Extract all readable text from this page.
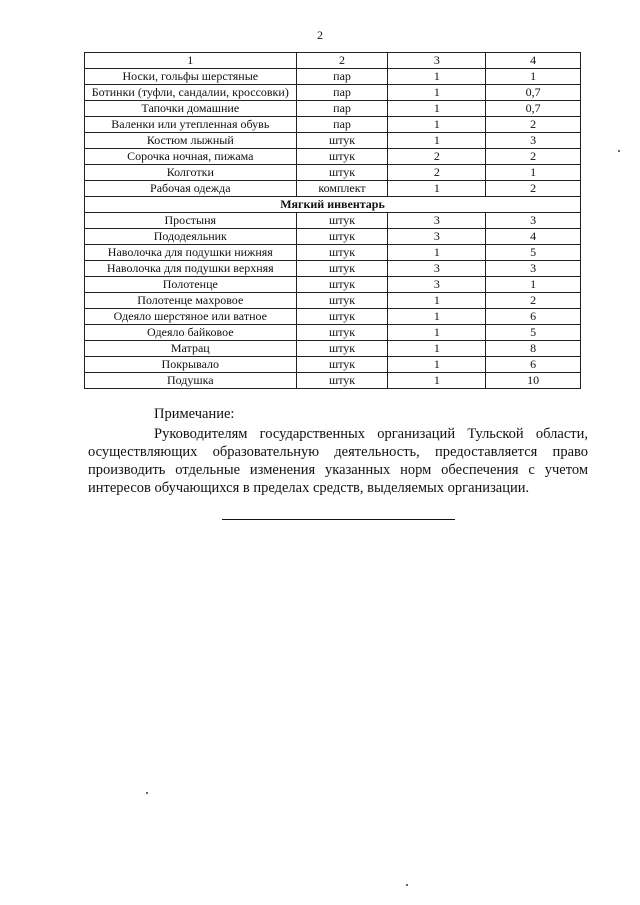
2
1	2	3	4
Носки, гольфы шерстяные	пар	1	1
Ботинки (туфли, сандалии, кроссовки)	пар	1	0,7
Тапочки домашние	пар	1	0,7
Валенки или утепленная обувь	пар	1	2
Костюм лыжный	штук	1	3
Сорочка ночная, пижама	штук	2	2
Колготки	штук	2	1
Рабочая одежда	комплект	1	2
Мягкий инвентарь			
Простыня	штук	3	3
Пододеяльник	штук	3	4
Наволочка для подушки нижняя	штук	1	5
Наволочка для подушки верхняя	штук	3	3
Полотенце	штук	3	1
Полотенце махровое	штук	1	2
Одеяло шерстяное или ватное	штук	1	6
Одеяло байковое	штук	1	5
Матрац	штук	1	8
Покрывало	штук	1	6
Подушка	штук	1	10
Примечание:

Руководителям государственных организаций Тульской области, осуществляющих образовательную деятельность, предоставляется право производить отдельные изменения указанных норм обеспечения с учетом интересов обучающихся в пределах средств, выделяемых организации.
